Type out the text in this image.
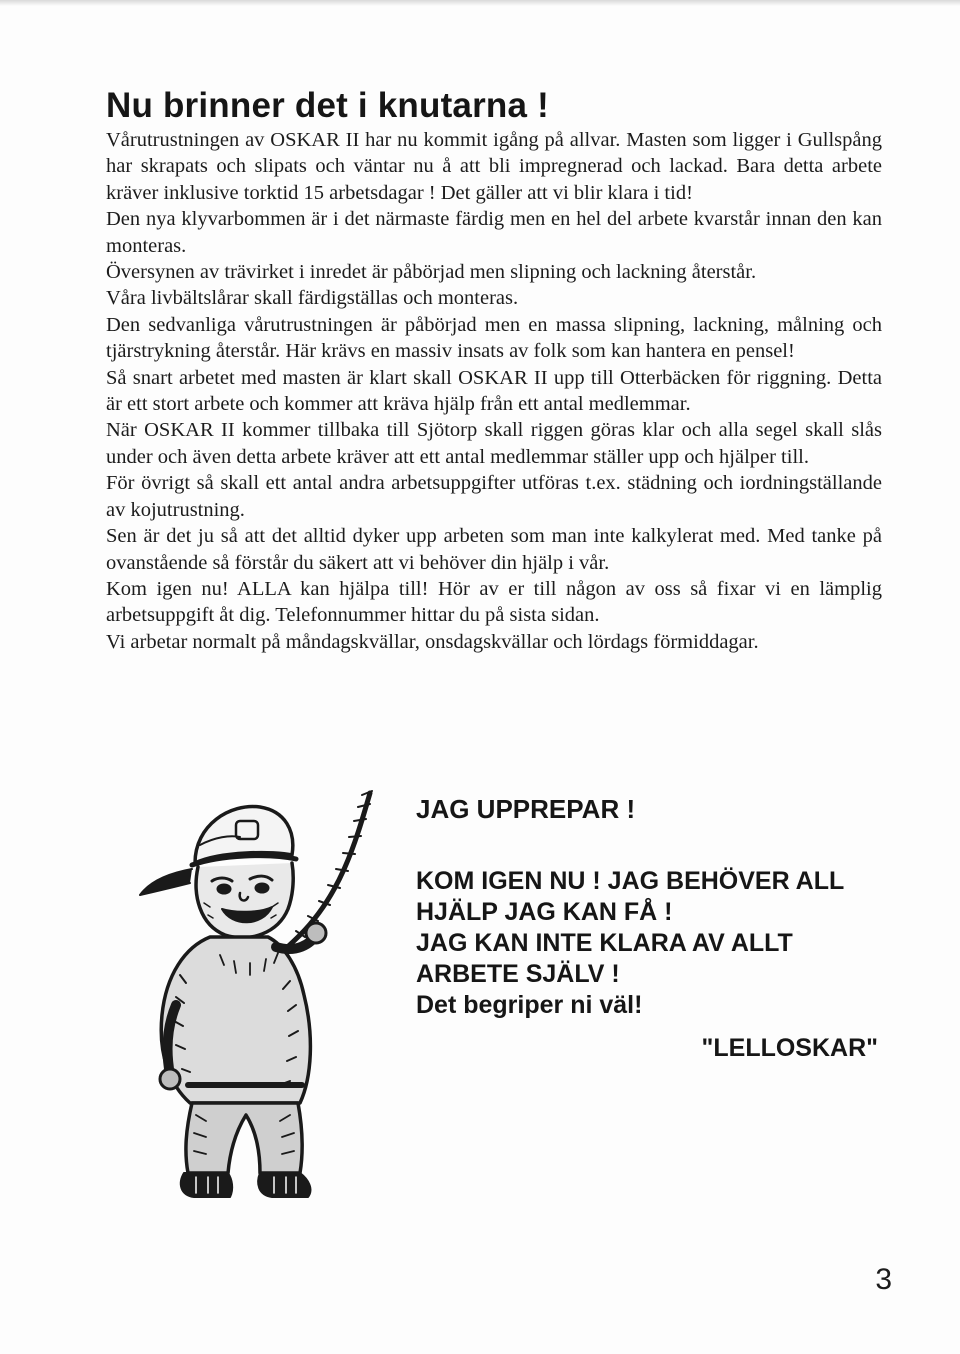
Nu brinner det i knutarna !

Vårutrustningen av OSKAR II har nu kommit igång på allvar. Masten som ligger i Gullspång har skrapats och slipats och väntar nu å att bli impregnerad och lackad. Bara detta arbete kräver inklusive torktid 15 arbetsdagar ! Det gäller att vi blir klara i tid!

Den nya klyvarbommen är i det närmaste färdig men en hel del arbete kvarstår innan den kan monteras.

Översynen av trävirket i inredet är påbörjad men slipning och lackning återstår.

Våra livbältslårar skall färdigställas och monteras.

Den sedvanliga vårutrustningen är påbörjad men en massa slipning, lackning, målning och tjärstrykning återstår. Här krävs en massiv insats av folk som kan hantera en pensel!

Så snart arbetet med masten är klart skall OSKAR II upp till Otterbäcken för riggning. Detta är ett stort arbete och kommer att kräva hjälp från ett antal medlemmar.

När OSKAR II kommer tillbaka till Sjötorp skall riggen göras klar och alla segel skall slås under och även detta arbete kräver att ett antal medlemmar ställer upp och hjälper till.

För övrigt så skall ett antal andra arbetsuppgifter utföras t.ex. städning och iordningställande av kojutrustning.

Sen är det ju så att det alltid dyker upp arbeten som man inte kalkylerat med. Med tanke på ovanstående så förstår du säkert att vi behöver din hjälp i vår.

Kom igen nu! ALLA kan hjälpa till! Hör av er till någon av oss så fixar vi en lämplig arbetsuppgift åt dig. Telefonnummer hittar du på sista sidan.

Vi arbetar normalt på måndagskvällar, onsdagskvällar och lördags förmiddagar.

JAG UPPREPAR !

KOM IGEN NU ! JAG BEHÖVER ALL

HJÄLP JAG KAN FÅ !

JAG KAN INTE KLARA AV ALLT

ARBETE SJÄLV !

Det begriper ni väl!

"LELLOSKAR"

3
